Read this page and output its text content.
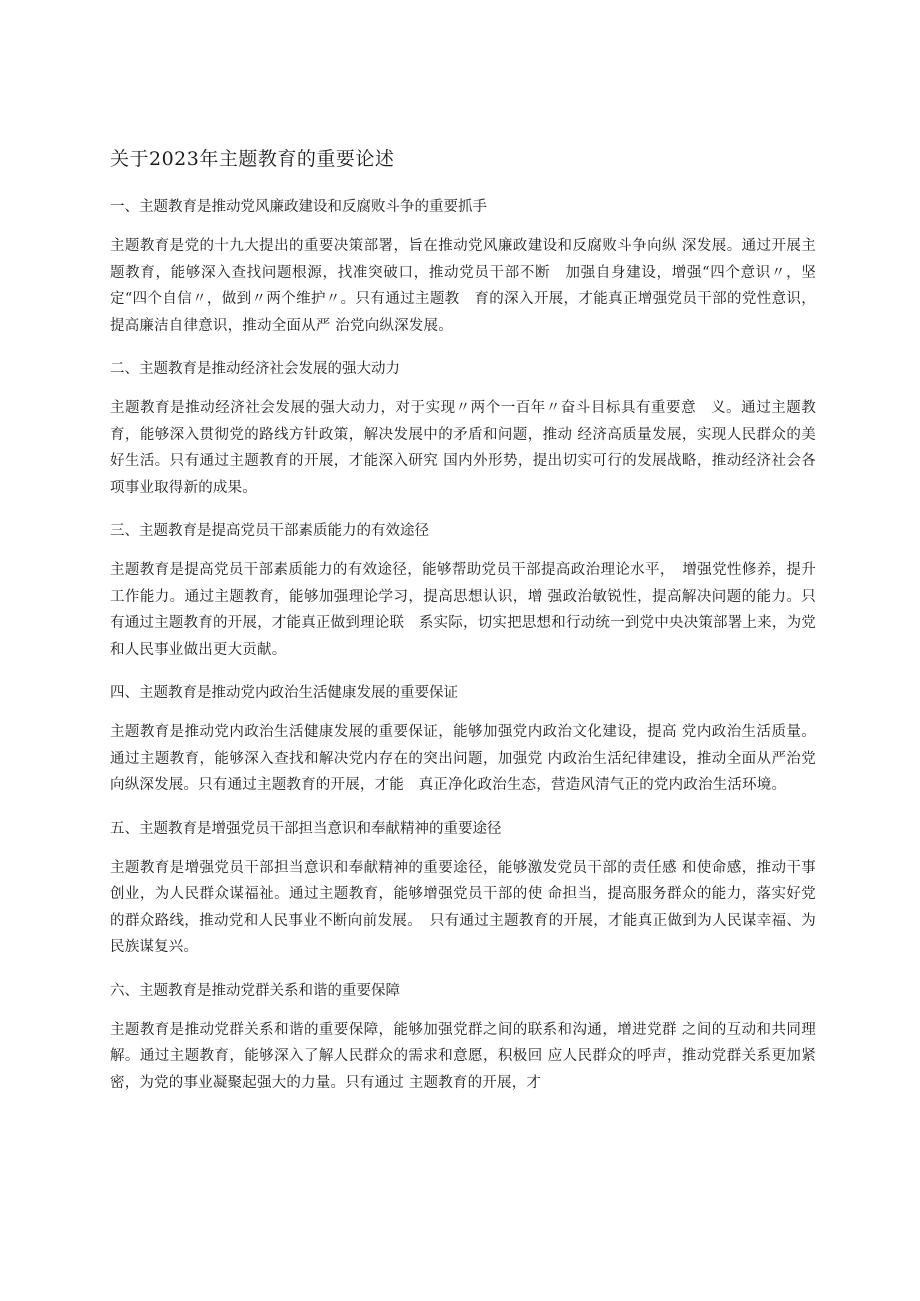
关于2023年主题教育的重要论述
一、主题教育是推动党风廉政建设和反腐败斗争的重要抓手

主题教育是党的十九大提出的重要决策部署，旨在推动党风廉政建设和反腐败斗争向纵 深发展。通过开展主题教育，能够深入查找问题根源，找准突破口，推动党员干部不断　加强自身建设，增强“四个意识〃，坚定“四个自信〃，做到〃两个维护〃。只有通过主题教　育的深入开展，才能真正增强党员干部的党性意识，提高廉洁自律意识，推动全面从严 治党向纵深发展。

二、主题教育是推动经济社会发展的强大动力

主题教育是推动经济社会发展的强大动力，对于实现〃两个一百年〃奋斗目标具有重要意　义。通过主题教育，能够深入贯彻党的路线方针政策，解决发展中的矛盾和问题，推动 经济高质量发展，实现人民群众的美好生活。只有通过主题教育的开展，才能深入研究 国内外形势，提出切实可行的发展战略，推动经济社会各项事业取得新的成果。

三、主题教育是提高党员干部素质能力的有效途径

主题教育是提高党员干部素质能力的有效途径，能够帮助党员干部提高政治理论水平，　增强党性修养，提升工作能力。通过主题教育，能够加强理论学习，提高思想认识，增 强政治敏锐性，提高解决问题的能力。只有通过主题教育的开展，才能真正做到理论联　系实际，切实把思想和行动统一到党中央决策部署上来，为党和人民事业做出更大贡献。

四、主题教育是推动党内政治生活健康发展的重要保证

主题教育是推动党内政治生活健康发展的重要保证，能够加强党内政治文化建设，提高 党内政治生活质量。通过主题教育，能够深入查找和解决党内存在的突出问题，加强党 内政治生活纪律建设，推动全面从严治党向纵深发展。只有通过主题教育的开展，才能　真正净化政治生态，营造风清气正的党内政治生活环境。

五、主题教育是增强党员干部担当意识和奉献精神的重要途径

主题教育是增强党员干部担当意识和奉献精神的重要途径，能够激发党员干部的责任感 和使命感，推动干事创业，为人民群众谋福祉。通过主题教育，能够增强党员干部的使 命担当，提高服务群众的能力，落实好党的群众路线，推动党和人民事业不断向前发展。　只有通过主题教育的开展，才能真正做到为人民谋幸福、为民族谋复兴。

六、主题教育是推动党群关系和谐的重要保障

主题教育是推动党群关系和谐的重要保障，能够加强党群之间的联系和沟通，增进党群 之间的互动和共同理解。通过主题教育，能够深入了解人民群众的需求和意愿，积极回 应人民群众的呼声，推动党群关系更加紧密，为党的事业凝聚起强大的力量。只有通过 主题教育的开展，才
